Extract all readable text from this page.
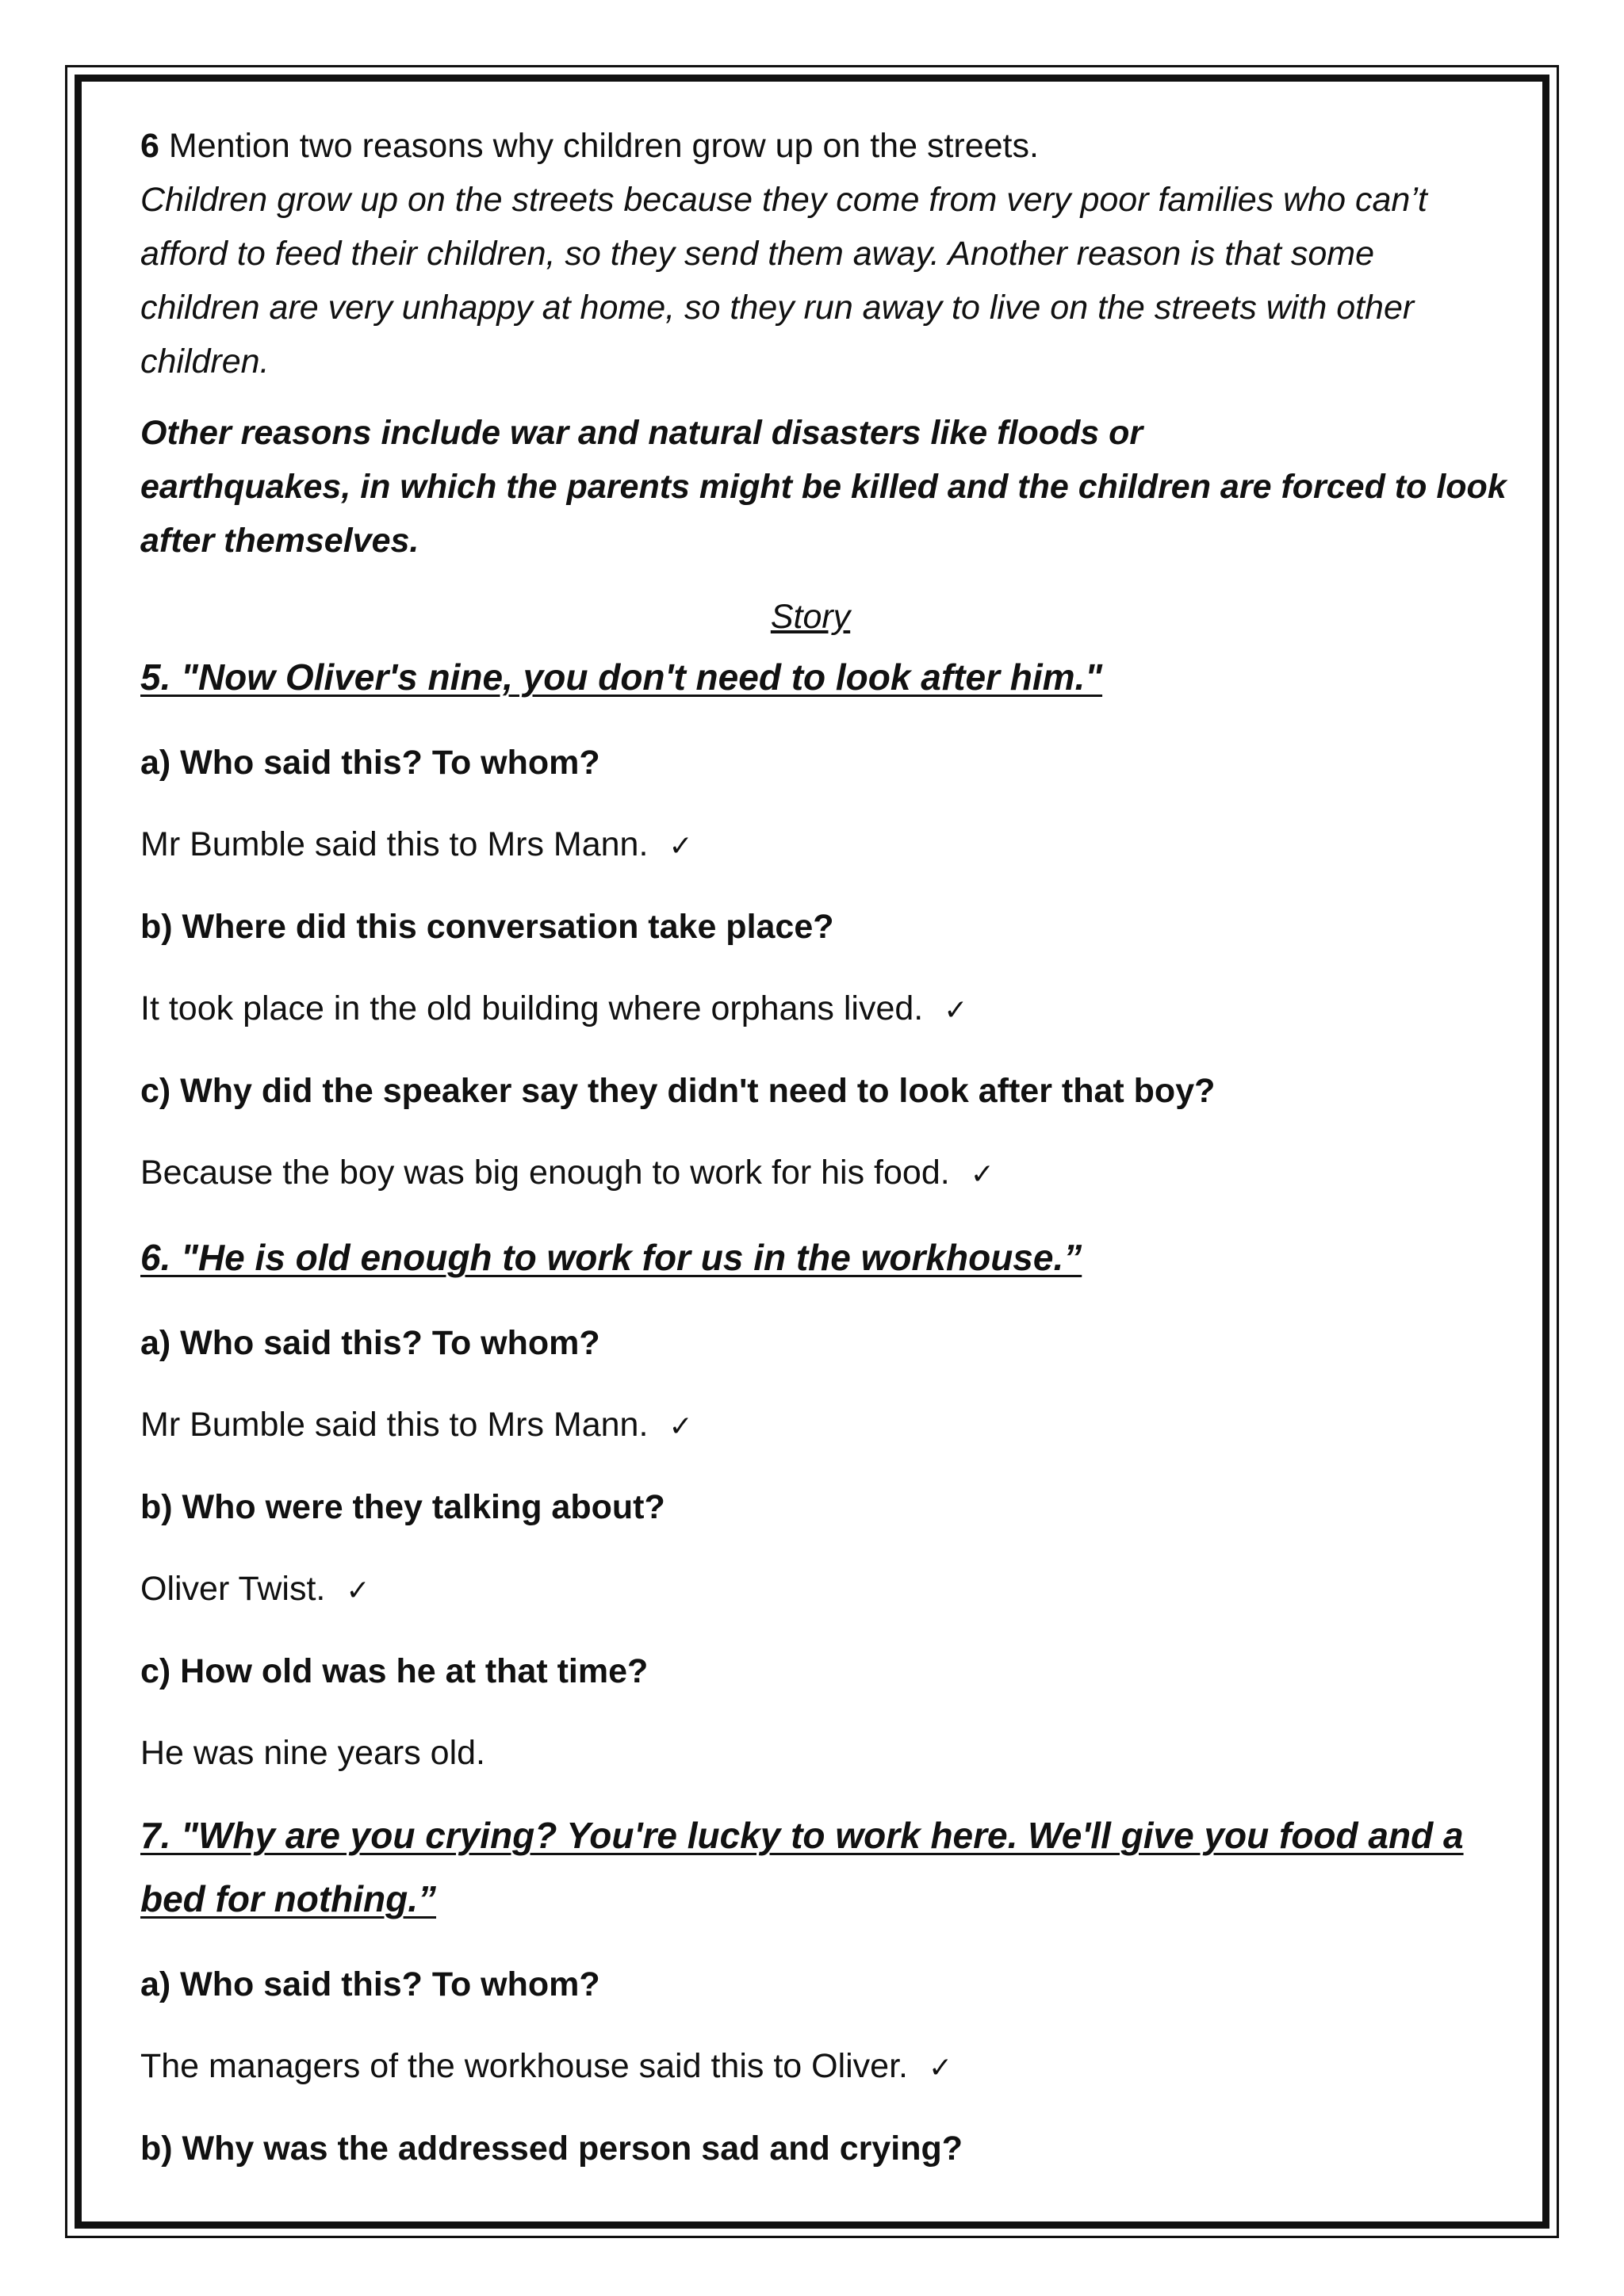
6 Mention two reasons why children grow up on the streets.

Children grow up on the streets because they come from very poor families who can’t
afford to feed their children, so they send them away. Another reason is that some
children are very unhappy at home, so they run away to live on the streets with other
children.
Other reasons include war and natural disasters like floods or
earthquakes, in which the parents might be killed and the children are forced to look
after themselves.
Story
5. "Now Oliver's nine, you don't need to look after him."
a) Who said this? To whom?
Mr Bumble said this to Mrs Mann. ✓
b) Where did this conversation take place?
It took place in the old building where orphans lived. ✓
c) Why did the speaker say they didn't need to look after that boy?
Because the boy was big enough to work for his food. ✓
6. "He is old enough to work for us in the workhouse.”
a) Who said this? To whom?
Mr Bumble said this to Mrs Mann. ✓
b) Who were they talking about?
Oliver Twist. ✓
c) How old was he at that time?
He was nine years old.
7. "Why are you crying? You're lucky to work here. We'll give you food and a
bed for nothing.”
a) Who said this? To whom?
The managers of the workhouse said this to Oliver. ✓
b) Why was the addressed person sad and crying?
